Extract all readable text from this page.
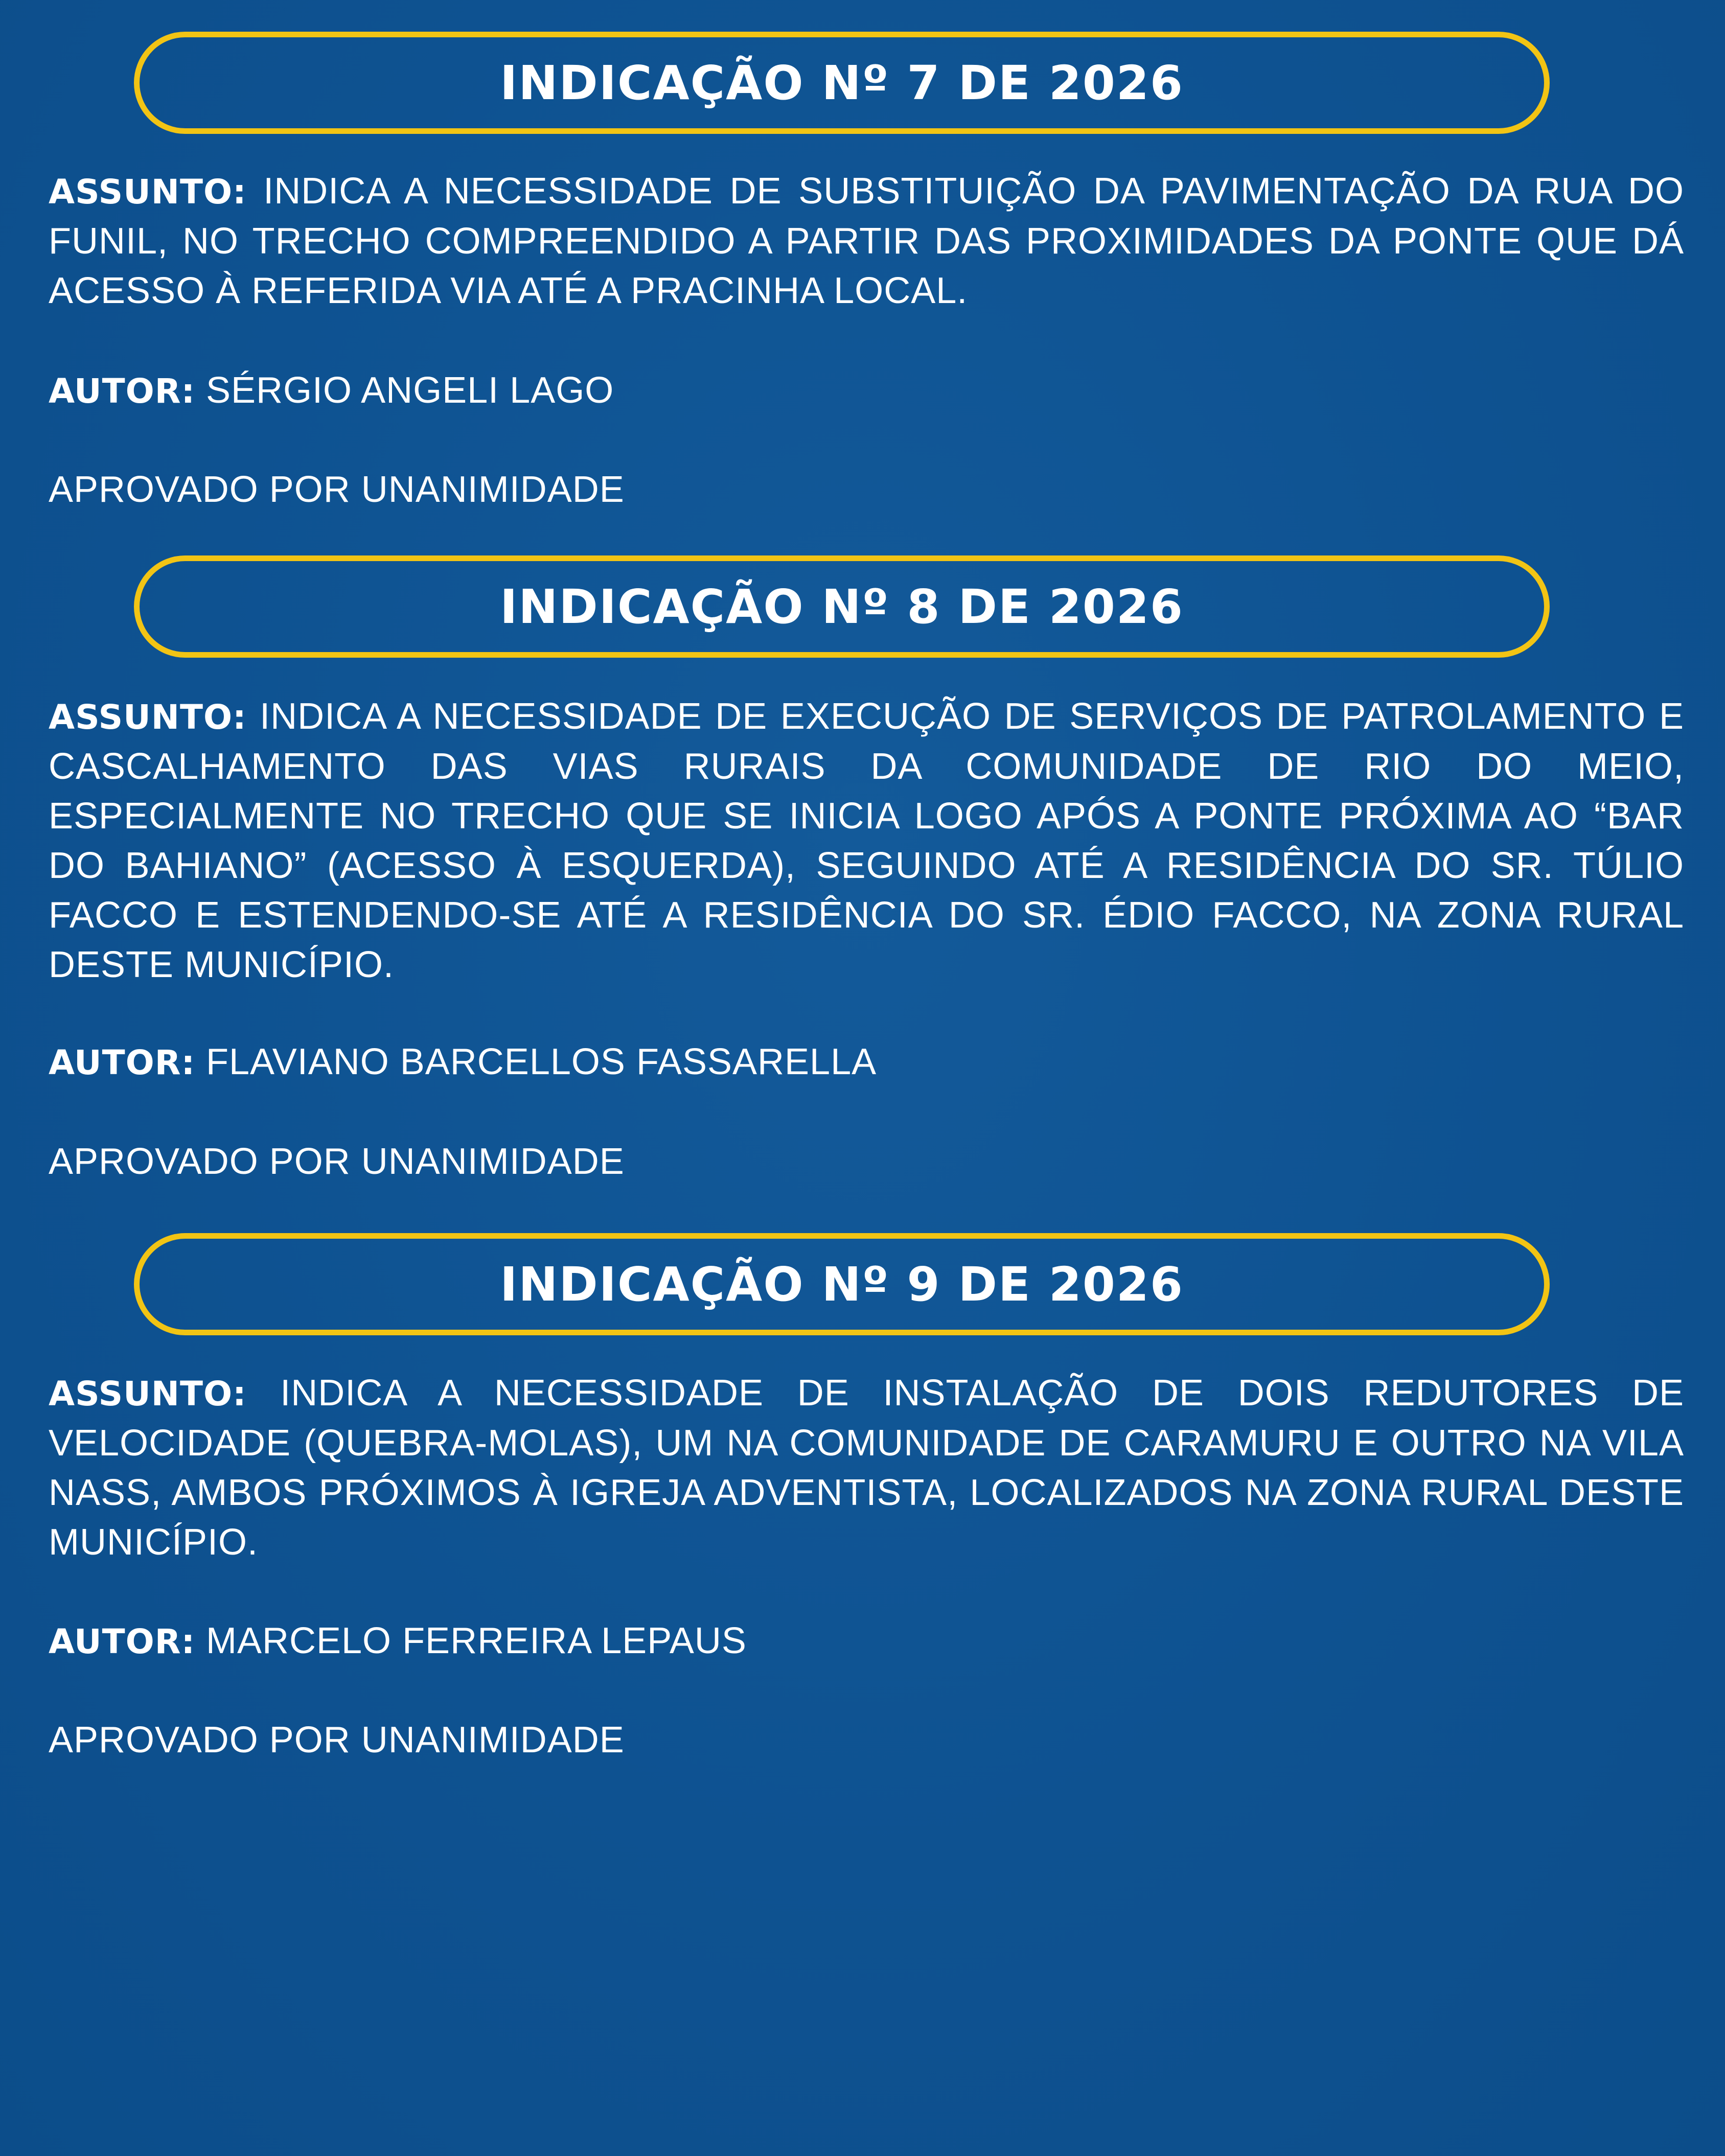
INDICAÇÃO Nº 7 DE 2026
ASSUNTO: INDICA A NECESSIDADE DE SUBSTITUIÇÃO DA PAVIMENTAÇÃO DA RUA DO FUNIL, NO TRECHO COMPREENDIDO A PARTIR DAS PROXIMIDADES DA PONTE QUE DÁ ACESSO À REFERIDA VIA ATÉ A PRACINHA LOCAL.
AUTOR: SÉRGIO ANGELI LAGO
APROVADO POR UNANIMIDADE
INDICAÇÃO Nº 8 DE 2026
ASSUNTO: INDICA A NECESSIDADE DE EXECUÇÃO DE SERVIÇOS DE PATROLAMENTO E CASCALHAMENTO DAS VIAS RURAIS DA COMUNIDADE DE RIO DO MEIO, ESPECIALMENTE NO TRECHO QUE SE INICIA LOGO APÓS A PONTE PRÓXIMA AO “BAR DO BAHIANO” (ACESSO À ESQUERDA), SEGUINDO ATÉ A RESIDÊNCIA DO SR. TÚLIO FACCO E ESTENDENDO-SE ATÉ A RESIDÊNCIA DO SR. ÉDIO FACCO, NA ZONA RURAL DESTE MUNICÍPIO.
AUTOR: FLAVIANO BARCELLOS FASSARELLA
APROVADO POR UNANIMIDADE
INDICAÇÃO Nº 9 DE 2026
ASSUNTO: INDICA A NECESSIDADE DE INSTALAÇÃO DE DOIS REDUTORES DE VELOCIDADE (QUEBRA-MOLAS), UM NA COMUNIDADE DE CARAMURU E OUTRO NA VILA NASS, AMBOS PRÓXIMOS À IGREJA ADVENTISTA, LOCALIZADOS NA ZONA RURAL DESTE MUNICÍPIO.
AUTOR: MARCELO FERREIRA LEPAUS
APROVADO POR UNANIMIDADE
